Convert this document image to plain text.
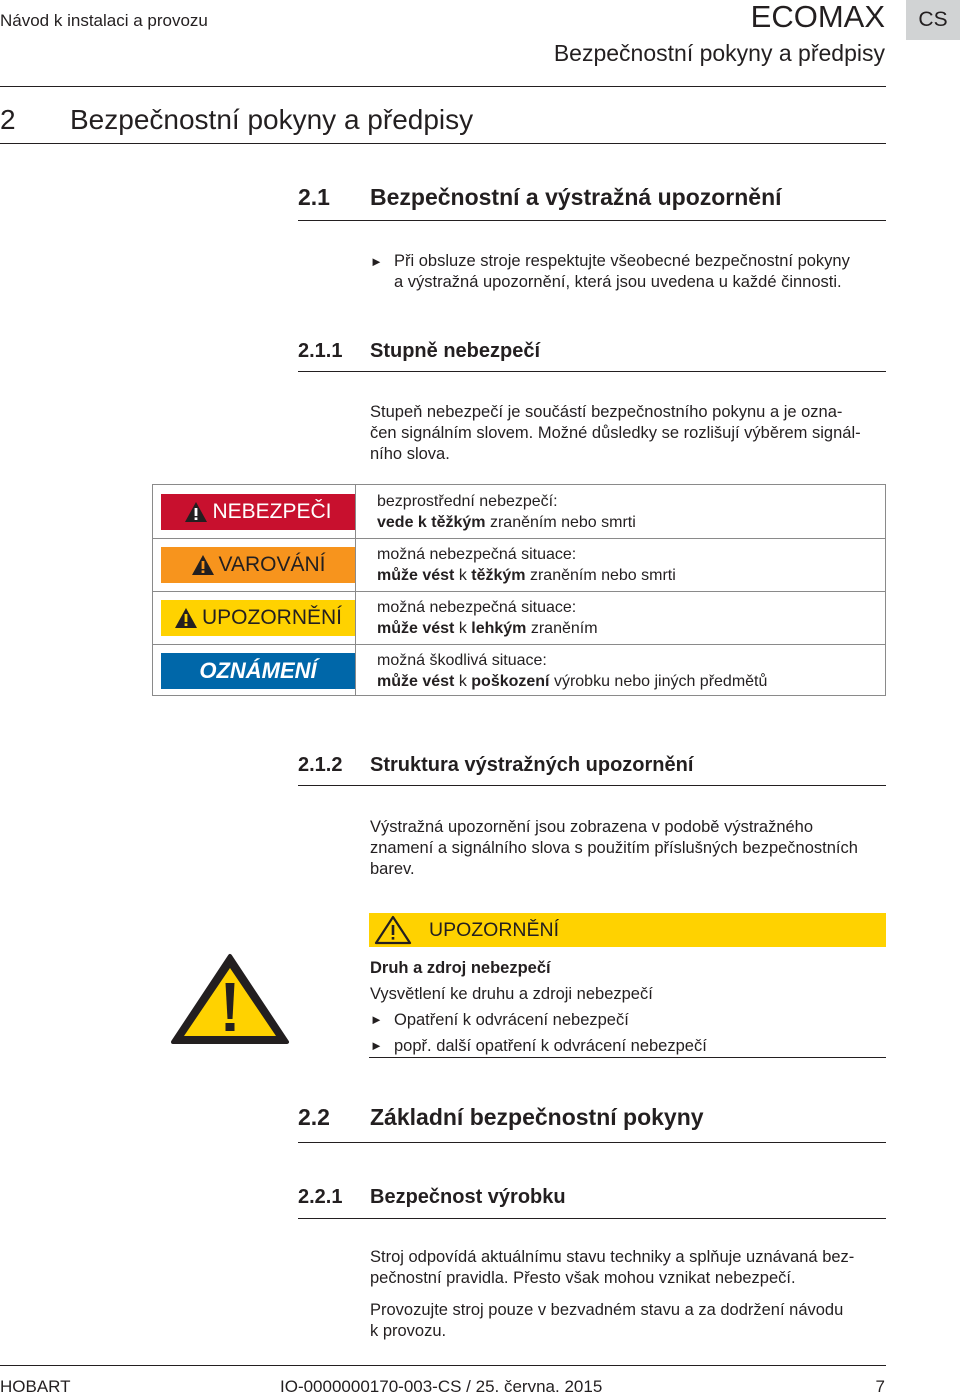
Návod k instalaci a provozu	ECOMAX
Bezpečnostní pokyny a předpisy
CS
2 Bezpečnostní pokyny a předpisy
2.1 Bezpečnostní a výstražná upozornění
► Při obsluze stroje respektujte všeobecné bezpečnostní pokyny
a výstražná upozornění, která jsou uvedena u každé činnosti.
2.1.1 Stupně nebezpečí
Stupeň nebezpečí je součástí bezpečnostního pokynu a je ozna-
čen signálním slovem. Možné důsledky se rozlišují výběrem signál-
ního slova.
NEBEZPEČI	bezprostřední nebezpečí:
vede k těžkým zraněním nebo smrti
VAROVÁNÍ	možná nebezpečná situace:
může vést k těžkým zraněním nebo smrti
UPOZORNĚNÍ možná nebezpečná situace:
může vést k lehkým zraněním
OZNÁMENÍ	možná škodlivá situace:
může vést k poškození výrobku nebo jiných předmětů
2.1.2 Struktura výstražných upozornění
Výstražná upozornění jsou zobrazena v podobě výstražného
znamení a signálního slova s použitím příslušných bezpečnostních
barev.
UPOZORNĚNÍ
Druh a zdroj nebezpečí
Vysvětlení ke druhu a zdroji nebezpečí
► Opatření k odvrácení nebezpečí
► popř. další opatření k odvrácení nebezpečí
2.2 Základní bezpečnostní pokyny
2.2.1 Bezpečnost výrobku
Stroj odpovídá aktuálnímu stavu techniky a splňuje uznávaná bez-
pečnostní pravidla. Přesto však mohou vznikat nebezpečí.
Provozujte stroj pouze v bezvadném stavu a za dodržení návodu
k provozu.
HOBART	IO-0000000170-003-CS / 25. června. 2015	7
